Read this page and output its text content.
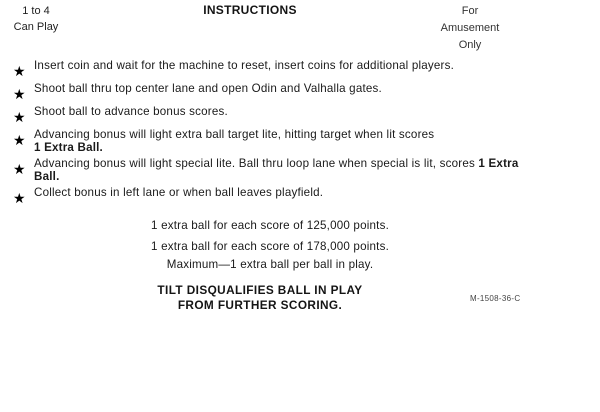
1 to 4
Can Play
INSTRUCTIONS	For
Amusement
Only
★ Insert coin and wait for the machine to reset, insert coins for additional players.
★ Shoot ball thru top center lane and open Odin and Valhalla gates.
★ Shoot ball to advance bonus scores.
★ Advancing bonus will light extra ball target lite, hitting target when lit scores
1 Extra Ball.
★ Advancing bonus will light special lite. Ball thru loop lane when special is lit, scores 1 Extra Ball.
★ Collect bonus in left lane or when ball leaves playfield.
1 extra ball for each score of 125,000 points.
1 extra ball for each score of 178,000 points.
Maximum—1 extra ball per ball in play.
TILT DISQUALIFIES BALL IN PLAY
FROM FURTHER SCORING.	M-1508-36-C
